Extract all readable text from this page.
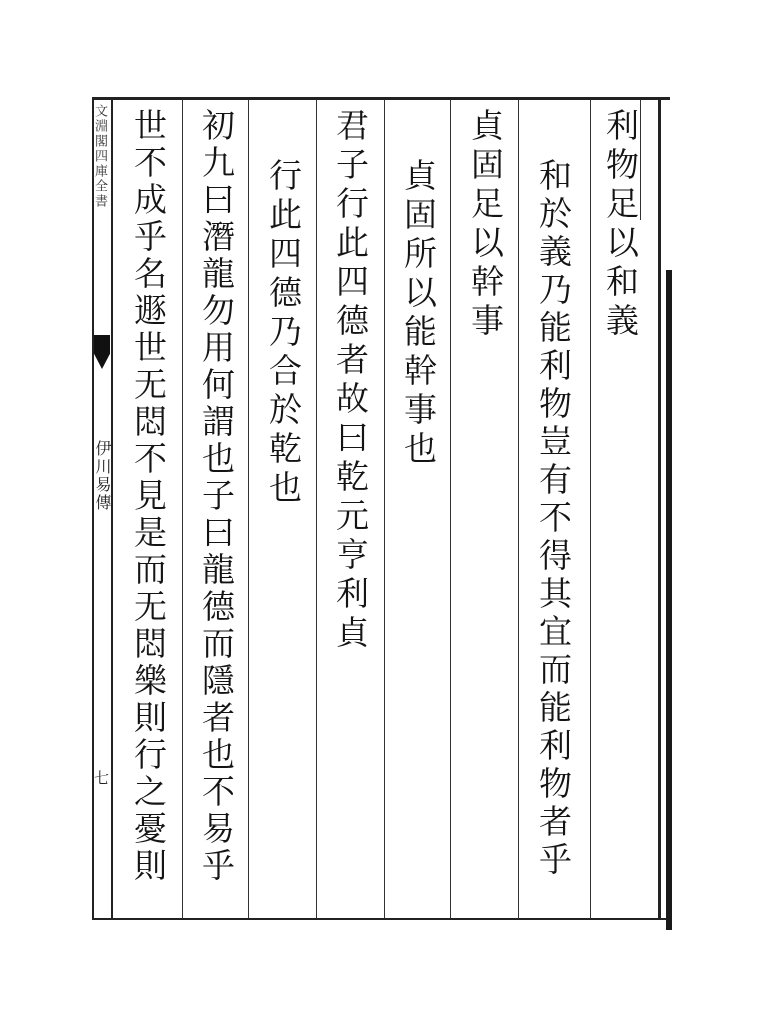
文淵閣四庫全書
伊川易傳
七
利物足以和義
和於義乃能利物豈有不得其宜而能利物者乎
貞固足以幹事
貞固所以能幹事也
君子行此四德者故曰乾元亨利貞
行此四德乃合於乾也
初九曰潛龍勿用何謂也子曰龍德而隱者也不易乎
世不成乎名遯世无悶不見是而无悶樂則行之憂則
